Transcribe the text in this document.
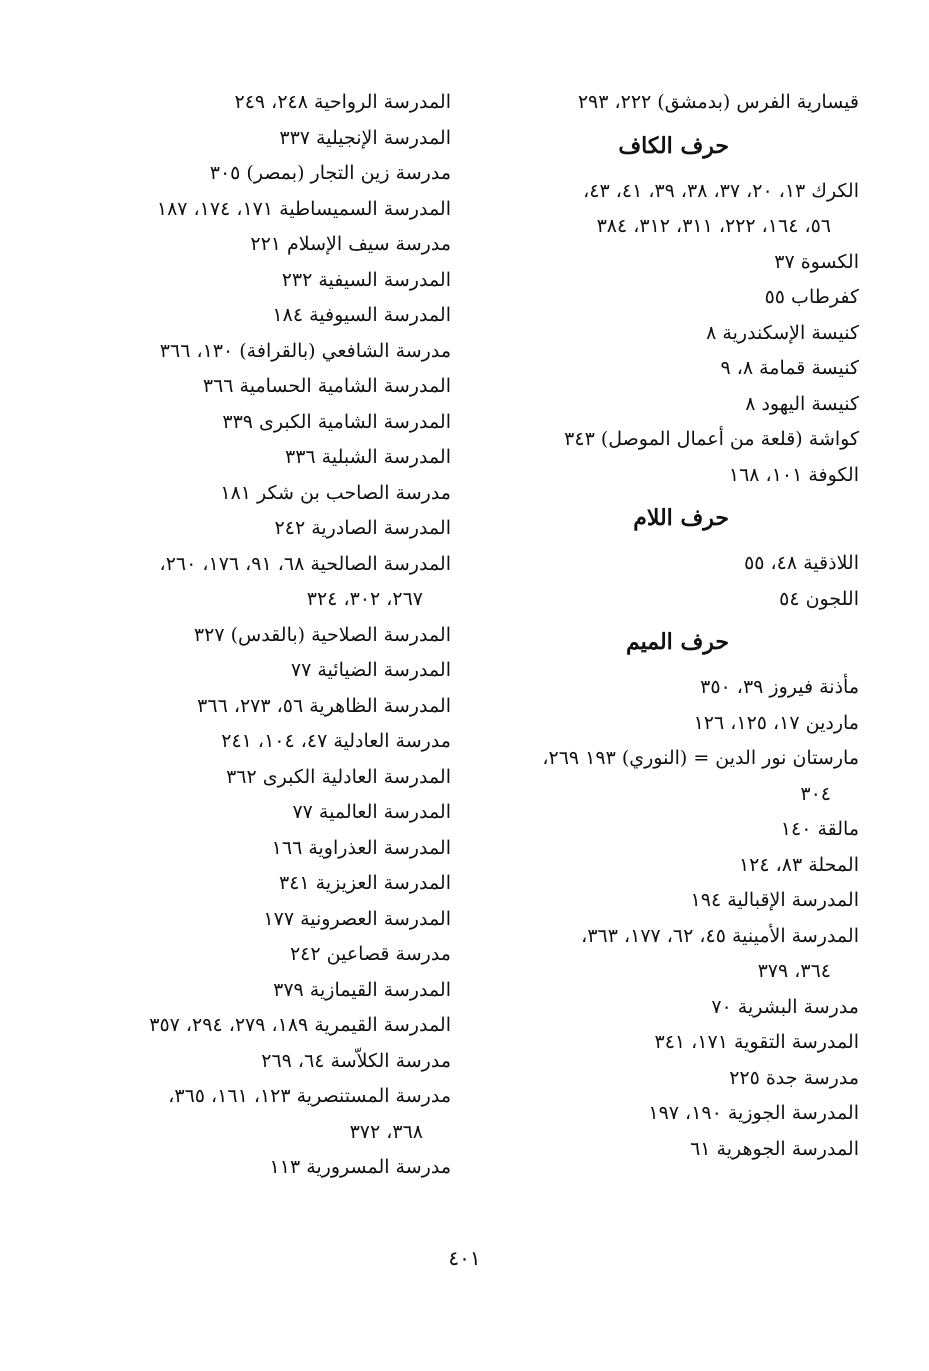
قيسارية الفرس (بدمشق) ٢٢٢، ٢٩٣
حرف الكاف
الكرك ١٣، ٢٠، ٣٧، ٣٨، ٣٩، ٤١، ٤٣،
٥٦، ١٦٤، ٢٢٢، ٣١١، ٣١٢، ٣٨٤
الكسوة ٣٧
كفرطاب ٥٥
كنيسة الإسكندرية ٨
كنيسة قمامة ٨، ٩
كنيسة اليهود ٨
كواشة (قلعة من أعمال الموصل) ٣٤٣
الكوفة ١٠١، ١٦٨
حرف اللام
اللاذقية ٤٨، ٥٥
اللجون ٥٤
حرف الميم
مأذنة فيروز ٣٩، ٣٥٠
ماردين ١٧، ١٢٥، ١٢٦
مارستان نور الدين = (النوري) ١٩٣ ٢٦٩،
٣٠٤
مالقة ١٤٠
المحلة ٨٣، ١٢٤
المدرسة الإقبالية ١٩٤
المدرسة الأمينية ٤٥، ٦٢، ١٧٧، ٣٦٣،
٣٦٤، ٣٧٩
مدرسة البشرية ٧٠
المدرسة التقوية ١٧١، ٣٤١
مدرسة جدة ٢٢٥
المدرسة الجوزية ١٩٠، ١٩٧
المدرسة الجوهرية ٦١
المدرسة الرواحية ٢٤٨، ٢٤٩
المدرسة الإنجيلية ٣٣٧
مدرسة زين التجار (بمصر) ٣٠٥
المدرسة السميساطية ١٧١، ١٧٤، ١٨٧
مدرسة سيف الإسلام ٢٢١
المدرسة السيفية ٢٣٢
المدرسة السيوفية ١٨٤
مدرسة الشافعي (بالقرافة) ١٣٠، ٣٦٦
المدرسة الشامية الحسامية ٣٦٦
المدرسة الشامية الكبرى ٣٣٩
المدرسة الشبلية ٣٣٦
مدرسة الصاحب بن شكر ١٨١
المدرسة الصادرية ٢٤٢
المدرسة الصالحية ٦٨، ٩١، ١٧٦، ٢٦٠،
٢٦٧، ٣٠٢، ٣٢٤
المدرسة الصلاحية (بالقدس) ٣٢٧
المدرسة الضيائية ٧٧
المدرسة الظاهرية ٥٦، ٢٧٣، ٣٦٦
مدرسة العادلية ٤٧، ١٠٤، ٢٤١
المدرسة العادلية الكبرى ٣٦٢
المدرسة العالمية ٧٧
المدرسة العذراوية ١٦٦
المدرسة العزيزية ٣٤١
المدرسة العصرونية ١٧٧
مدرسة قصاعين ٢٤٢
المدرسة القيمازية ٣٧٩
المدرسة القيمرية ١٨٩، ٢٧٩، ٢٩٤، ٣٥٧
مدرسة الكلاّسة ٦٤، ٢٦٩
مدرسة المستنصرية ١٢٣، ١٦١، ٣٦٥،
٣٦٨، ٣٧٢
مدرسة المسرورية ١١٣
٤٠١
